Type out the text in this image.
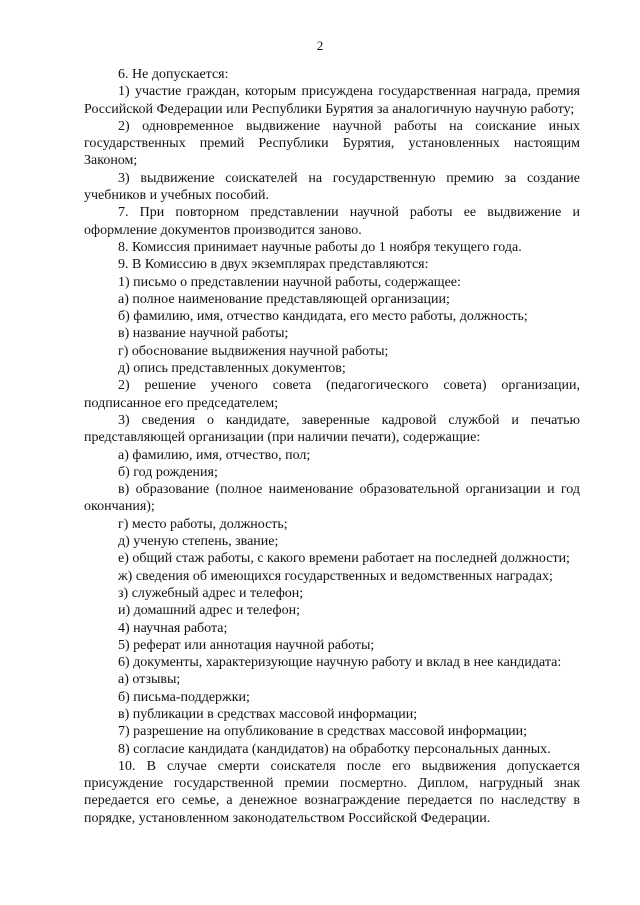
2
6. Не допускается:
1) участие граждан, которым присуждена государственная награда, премия Российской Федерации или Республики Бурятия за аналогичную научную работу;
2) одновременное выдвижение научной работы на соискание иных государственных премий Республики Бурятия, установленных настоящим Законом;
3) выдвижение соискателей на государственную премию за создание учебников и учебных пособий.
7. При повторном представлении научной работы ее выдвижение и оформление документов производится заново.
8. Комиссия принимает научные работы до 1 ноября текущего года.
9. В Комиссию в двух экземплярах представляются:
1) письмо о представлении научной работы, содержащее:
а) полное наименование представляющей организации;
б) фамилию, имя, отчество кандидата, его место работы, должность;
в) название научной работы;
г) обоснование выдвижения научной работы;
д) опись представленных документов;
2) решение ученого совета (педагогического совета) организации, подписанное его председателем;
3) сведения о кандидате, заверенные кадровой службой и печатью представляющей организации (при наличии печати), содержащие:
а) фамилию, имя, отчество, пол;
б) год рождения;
в) образование (полное наименование образовательной организации и год окончания);
г) место работы, должность;
д) ученую степень, звание;
е) общий стаж работы, с какого времени работает на последней должности;
ж) сведения об имеющихся государственных и ведомственных наградах;
з) служебный адрес и телефон;
и) домашний адрес и телефон;
4) научная работа;
5) реферат или аннотация научной работы;
6) документы, характеризующие научную работу и вклад в нее кандидата:
а) отзывы;
б) письма-поддержки;
в) публикации в средствах массовой информации;
7) разрешение на опубликование в средствах массовой информации;
8) согласие кандидата (кандидатов) на обработку персональных данных.
10. В случае смерти соискателя после его выдвижения допускается присуждение государственной премии посмертно. Диплом, нагрудный знак передается его семье, а денежное вознаграждение передается по наследству в порядке, установленном законодательством Российской Федерации.
